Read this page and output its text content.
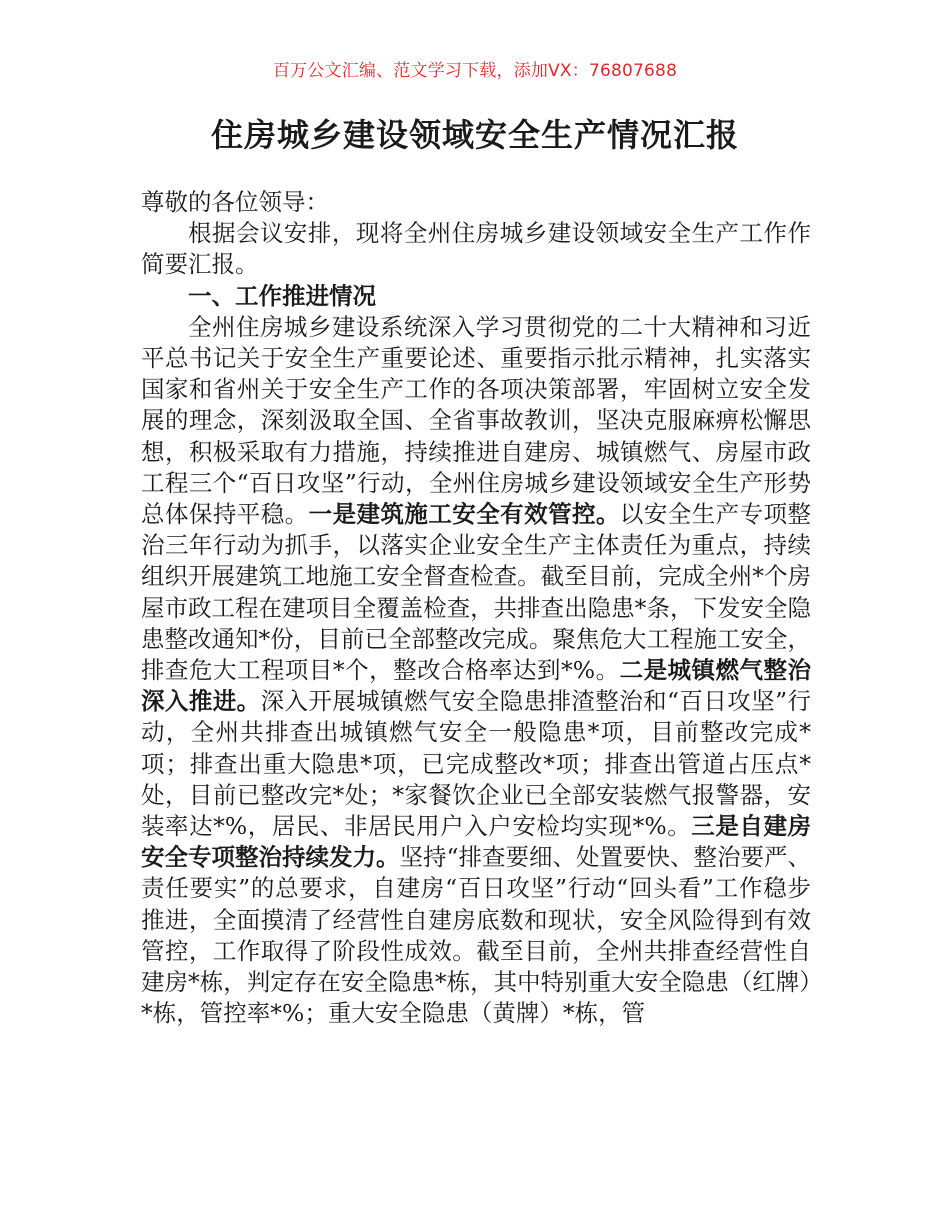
百万公文汇编、范文学习下载，添加VX：76807688
住房城乡建设领域安全生产情况汇报

尊敬的各位领导：

根据会议安排，现将全州住房城乡建设领域安全生产工作作简要汇报。

一、工作推进情况

全州住房城乡建设系统深入学习贯彻党的二十大精神和习近平总书记关于安全生产重要论述、重要指示批示精神，扎实落实国家和省州关于安全生产工作的各项决策部署，牢固树立安全发展的理念，深刻汲取全国、全省事故教训，坚决克服麻痹松懈思想，积极采取有力措施，持续推进自建房、城镇燃气、房屋市政工程三个“百日攻坚”行动，全州住房城乡建设领域安全生产形势总体保持平稳。一是建筑施工安全有效管控。以安全生产专项整治三年行动为抓手，以落实企业安全生产主体责任为重点，持续组织开展建筑工地施工安全督查检查。截至目前，完成全州*个房屋市政工程在建项目全覆盖检查，共排查出隐患*条，下发安全隐患整改通知*份，目前已全部整改完成。聚焦危大工程施工安全，排查危大工程项目*个，整改合格率达到*%。二是城镇燃气整治深入推进。深入开展城镇燃气安全隐患排渣整治和“百日攻坚”行动，全州共排查出城镇燃气安全一般隐患*项，目前整改完成*项；排查出重大隐患*项，已完成整改*项；排查出管道占压点*处，目前已整改完*处；*家餐饮企业已全部安装燃气报警器，安装率达*%，居民、非居民用户入户安检均实现*%。三是自建房安全专项整治持续发力。坚持“排查要细、处置要快、整治要严、责任要实”的总要求，自建房“百日攻坚”行动“回头看”工作稳步推进，全面摸清了经营性自建房底数和现状，安全风险得到有效管控，工作取得了阶段性成效。截至目前，全州共排查经营性自建房*栋，判定存在安全隐患*栋，其中特别重大安全隐患（红牌）*栋，管控率*%；重大安全隐患（黄牌）*栋，管
